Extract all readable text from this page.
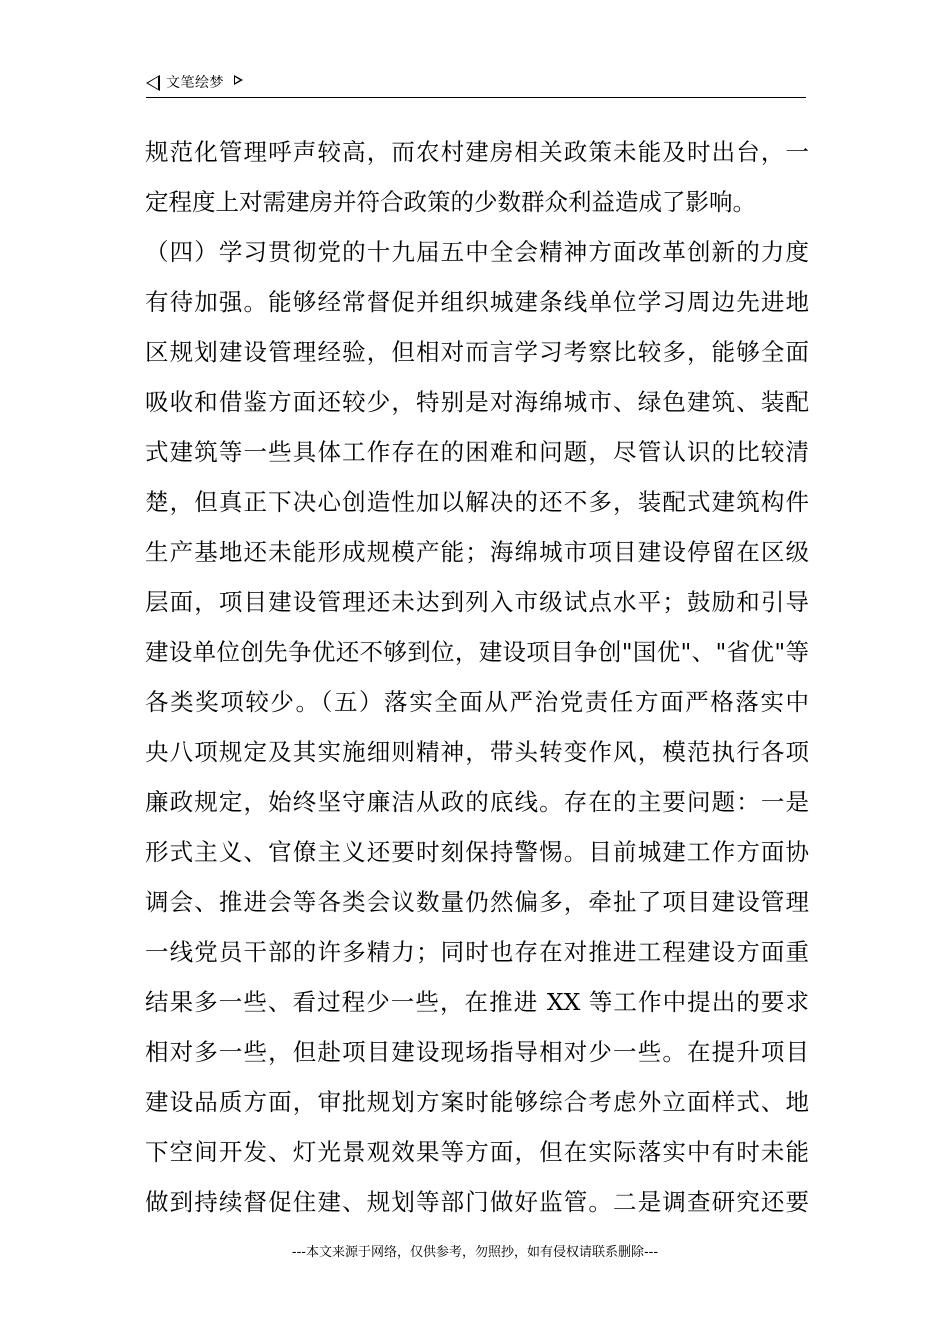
文笔绘梦
规范化管理呼声较高，而农村建房相关政策未能及时出台，一
定程度上对需建房并符合政策的少数群众利益造成了影响。
（四）学习贯彻党的十九届五中全会精神方面改革创新的力度
有待加强。能够经常督促并组织城建条线单位学习周边先进地
区规划建设管理经验，但相对而言学习考察比较多，能够全面
吸收和借鉴方面还较少，特别是对海绵城市、绿色建筑、装配
式建筑等一些具体工作存在的困难和问题，尽管认识的比较清
楚，但真正下决心创造性加以解决的还不多，装配式建筑构件
生产基地还未能形成规模产能；海绵城市项目建设停留在区级
层面，项目建设管理还未达到列入市级试点水平；鼓励和引导
建设单位创先争优还不够到位，建设项目争创"国优"、"省优"等
各类奖项较少。（五）落实全面从严治党责任方面严格落实中
央八项规定及其实施细则精神，带头转变作风，模范执行各项
廉政规定，始终坚守廉洁从政的底线。存在的主要问题：一是
形式主义、官僚主义还要时刻保持警惕。目前城建工作方面协
调会、推进会等各类会议数量仍然偏多，牵扯了项目建设管理
一线党员干部的许多精力；同时也存在对推进工程建设方面重
结果多一些、看过程少一些，在推进 XX 等工作中提出的要求
相对多一些，但赴项目建设现场指导相对少一些。在提升项目
建设品质方面，审批规划方案时能够综合考虑外立面样式、地
下空间开发、灯光景观效果等方面，但在实际落实中有时未能
做到持续督促住建、规划等部门做好监管。二是调查研究还要
---本文来源于网络，仅供参考，勿照抄，如有侵权请联系删除---
